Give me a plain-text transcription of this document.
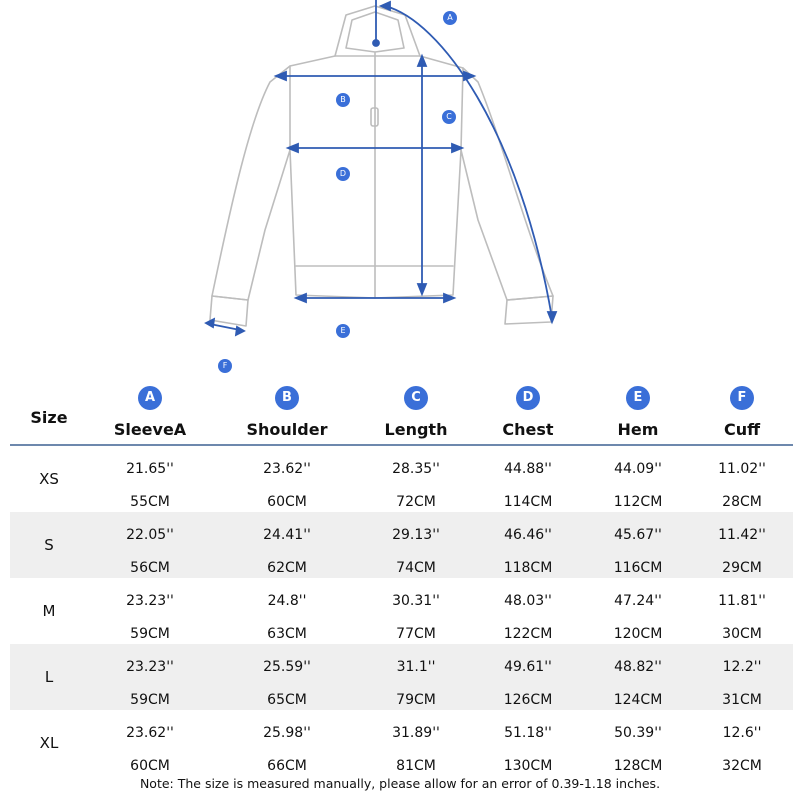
A
B
C
D
E
F
Size
A
SleeveA
B
Shoulder
C
Length
D
Chest
E
Hem
F
Cuff
XS
21.65''
55CM
23.62''
60CM
28.35''
72CM
44.88''
114CM
44.09''
112CM
11.02''
28CM
S
22.05''
56CM
24.41''
62CM
29.13''
74CM
46.46''
118CM
45.67''
116CM
11.42''
29CM
M
23.23''
59CM
24.8''
63CM
30.31''
77CM
48.03''
122CM
47.24''
120CM
11.81''
30CM
L
23.23''
59CM
25.59''
65CM
31.1''
79CM
49.61''
126CM
48.82''
124CM
12.2''
31CM
XL
23.62''
60CM
25.98''
66CM
31.89''
81CM
51.18''
130CM
50.39''
128CM
12.6''
32CM
Note: The size is measured manually, please allow for an error of 0.39-1.18 inches.
